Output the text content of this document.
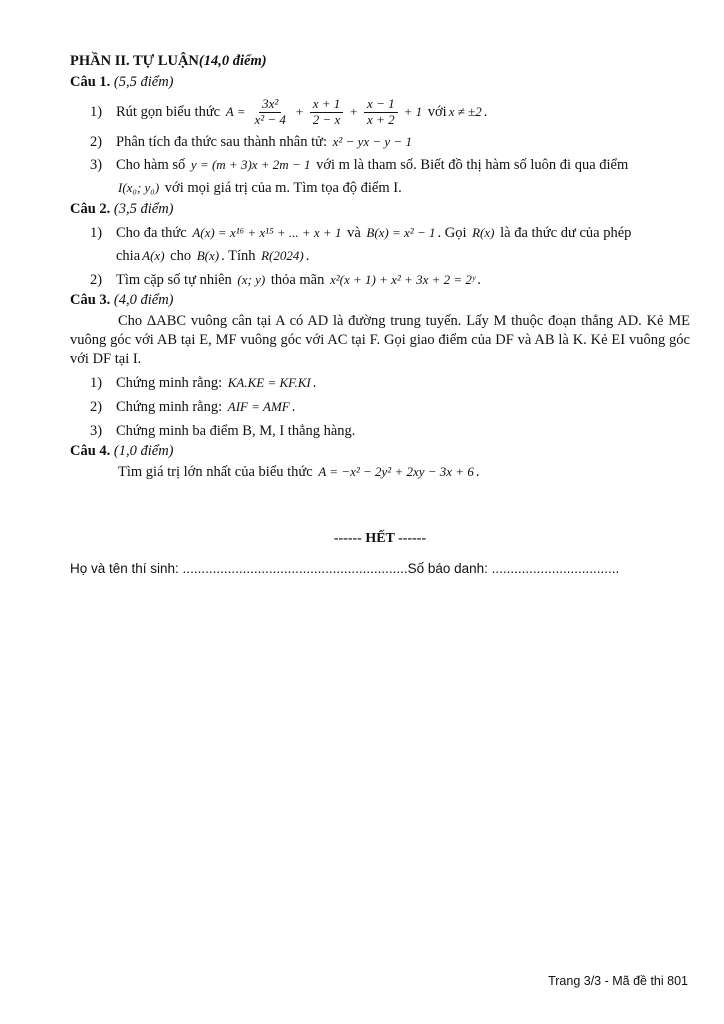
PHẦN II. TỰ LUẬN(14,0 điểm)
Câu 1. (5,5 điểm)
1) Rút gọn biểu thức
$A = \frac{\text{3x²}}{\text{x² − 4}} + \frac{x + 1}{2 - x} + \frac{x - 1}{x + 2} + 1$
với x ≠ ±2 .
2) Phân tích đa thức sau thành nhân tử: x² − yx − y − 1
3) Cho hàm số y = (m + 3)x + 2m − 1 với m là tham số. Biết đồ thị hàm số luôn đi qua điểm
I(x₀; y₀) với mọi giá trị của m. Tìm tọa độ điểm I.
Câu 2. (3,5 điểm)
1) Cho đa thức A(x) = x¹⁶ + x¹⁵ + ... + x + 1 và B(x) = x² − 1 . Gọi R(x) là đa thức dư của phép
chia A(x) cho B(x) . Tính R(2024) .
2) Tìm cặp số tự nhiên (x; y) thỏa mãn x²(x + 1) + x² + 3x + 2 = 2ʸ .
Câu 3. (4,0 điểm)
Cho ΔABC vuông cân tại A có AD là đường trung tuyến. Lấy M thuộc đoạn thẳng AD. Kẻ ME vuông góc với AB tại E, MF vuông góc với AC tại F. Gọi giao điểm của DF và AB là K. Kẻ EI vuông góc với DF tại I.
1) Chứng minh rằng: KA.KE = KF.KI .
2) Chứng minh rằng: AIF = AMF .
3) Chứng minh ba điểm B, M, I thẳng hàng.
Câu 4. (1,0 điểm)
Tìm giá trị lớn nhất của biểu thức A = −x² − 2y² + 2xy − 3x + 6 .
------ HẾT ------
Họ và tên thí sinh: ............................................................Số báo danh: ..................................
Trang 3/3 - Mã đề thi 801
